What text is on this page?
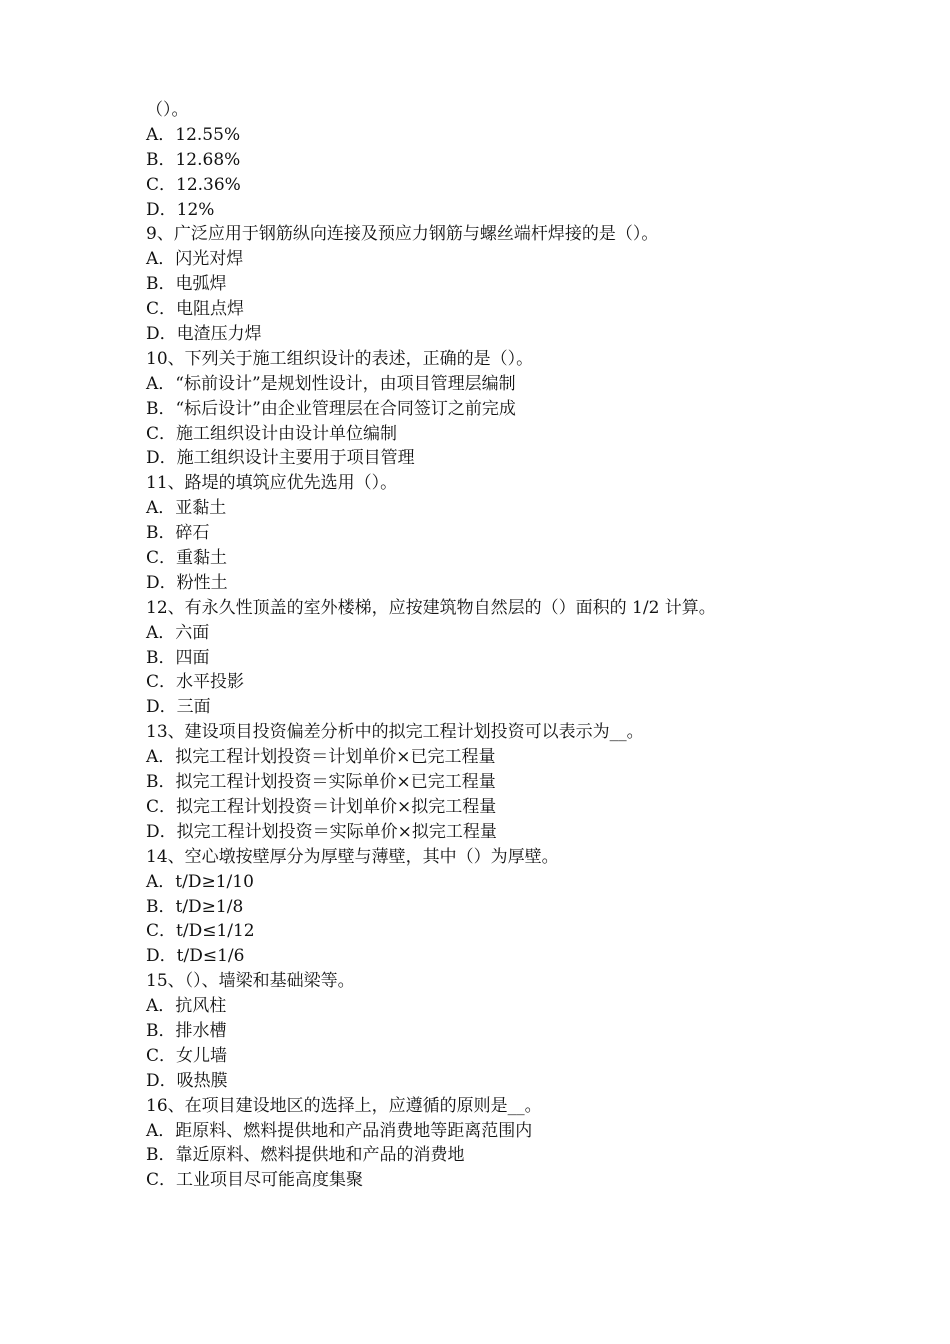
（）。
A．12.55%
B．12.68%
C．12.36%
D．12%
9、广泛应用于钢筋纵向连接及预应力钢筋与螺丝端杆焊接的是（）。
A．闪光对焊
B．电弧焊
C．电阻点焊
D．电渣压力焊
10、下列关于施工组织设计的表述，正确的是（）。
A．“标前设计”是规划性设计，由项目管理层编制
B．“标后设计”由企业管理层在合同签订之前完成
C．施工组织设计由设计单位编制
D．施工组织设计主要用于项目管理
11、路堤的填筑应优先选用（）。
A．亚黏土
B．碎石
C．重黏土
D．粉性土
12、有永久性顶盖的室外楼梯，应按建筑物自然层的（）面积的 1/2 计算。
A．六面
B．四面
C．水平投影
D．三面
13、建设项目投资偏差分析中的拟完工程计划投资可以表示为__。
A．拟完工程计划投资＝计划单价×已完工程量
B．拟完工程计划投资＝实际单价×已完工程量
C．拟完工程计划投资＝计划单价×拟完工程量
D．拟完工程计划投资＝实际单价×拟完工程量
14、空心墩按壁厚分为厚壁与薄壁，其中（）为厚壁。
A．t/D≥1/10
B．t/D≥1/8
C．t/D≤1/12
D．t/D≤1/6
15、（）、墙梁和基础梁等。
A．抗风柱
B．排水槽
C．女儿墙
D．吸热膜
16、在项目建设地区的选择上，应遵循的原则是__。
A．距原料、燃料提供地和产品消费地等距离范围内
B．靠近原料、燃料提供地和产品的消费地
C．工业项目尽可能高度集聚
